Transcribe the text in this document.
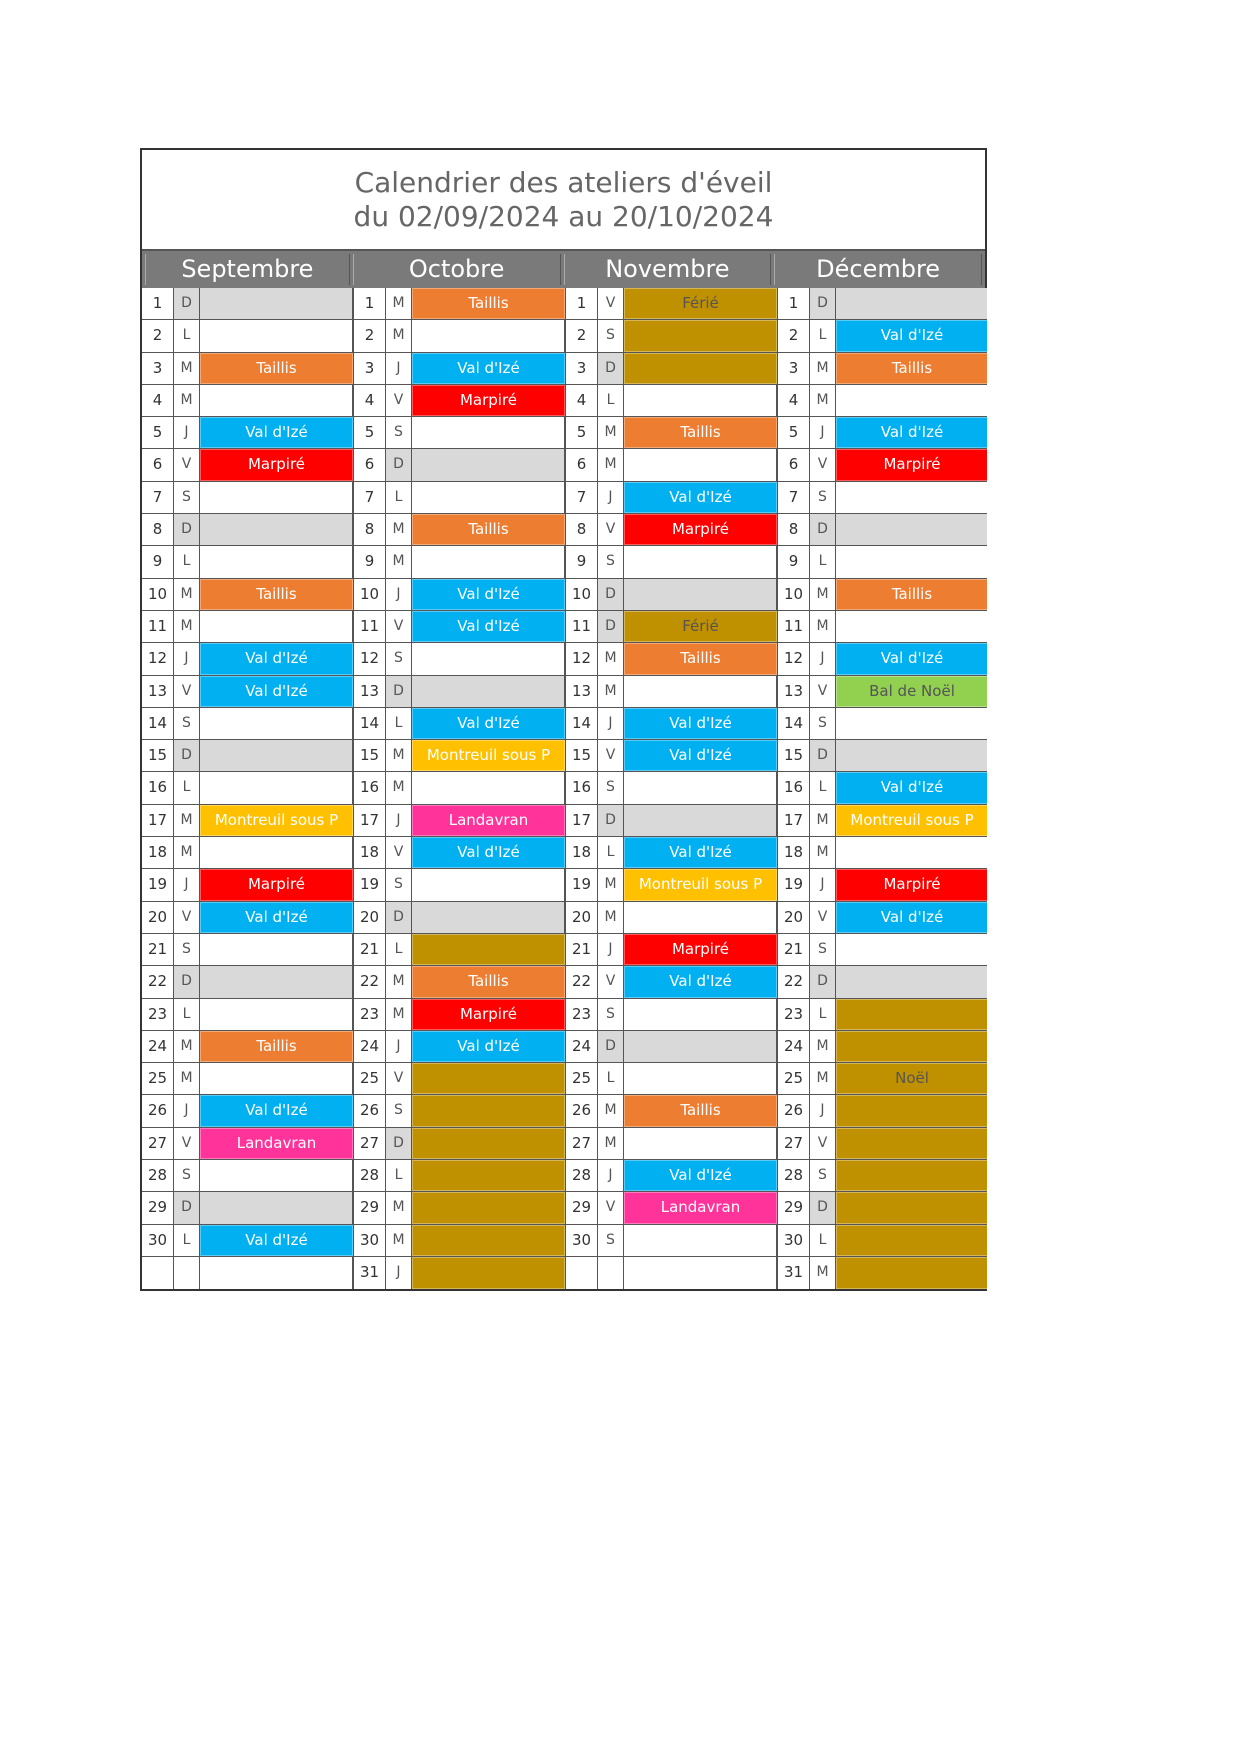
Calendrier des ateliers d'éveil
du 02/09/2024 au 20/10/2024
Septembre	Octobre	Novembre	Décembre
1	D
2	L
3	M	Taillis
4	M
5	J	Val d'Izé
6	V	Marpiré
7	S
8	D
9	L
10 M	Taillis
11 M
12	J	Val d'Izé
13	V	Val d'Izé
14	S
15	D
16	L
17 M	Montreuil sous P
18 M
19	J	Marpiré
20	V	Val d'Izé
21	S
22	D
23	L
24 M	Taillis
25 M
26	J	Val d'Izé
27	V	Landavran
28	S
29	D
30	L	Val d'Izé
1	M	Taillis
2	M
3	J	Val d'Izé
4	V	Marpiré
5	S
6	D
7	L
8	M	Taillis
9	M
10	J	Val d'Izé
11	V	Val d'Izé
12	S
13	D
14	L	Val d'Izé
15 M	Montreuil sous P
16 M
17	J	Landavran
18	V	Val d'Izé
19	S
20	D
21	L
22 M	Taillis
23 M	Marpiré
24	J	Val d'Izé
25	V
26	S
27	D
28	L
29 M
30 M
31	J
1	V	Férié
2	S
3	D
4	L
5	M	Taillis
6	M
7	J	Val d'Izé
8	V	Marpiré
9	S
10	D
11	D	Férié
12 M	Taillis
13 M
14	J	Val d'Izé
15	V	Val d'Izé
16	S
17	D
18	L	Val d'Izé
19 M	Montreuil sous P
20 M
21	J	Marpiré
22	V	Val d'Izé
23	S
24	D
25	L
26 M	Taillis
27 M
28	J	Val d'Izé
29	V	Landavran
30	S
1	D
2	L	Val d'Izé
3	M	Taillis
4	M
5	J	Val d'Izé
6	V	Marpiré
7	S
8	D
9	L
10 M	Taillis
11 M
12	J	Val d'Izé
13	V	Bal de Noël
14	S
15	D
16	L	Val d'Izé
17 M	Montreuil sous P
18 M
19	J	Marpiré
20	V	Val d'Izé
21	S
22	D
23	L
24 M
25 M	Noël
26	J
27	V
28	S
29	D
30	L
31 M
